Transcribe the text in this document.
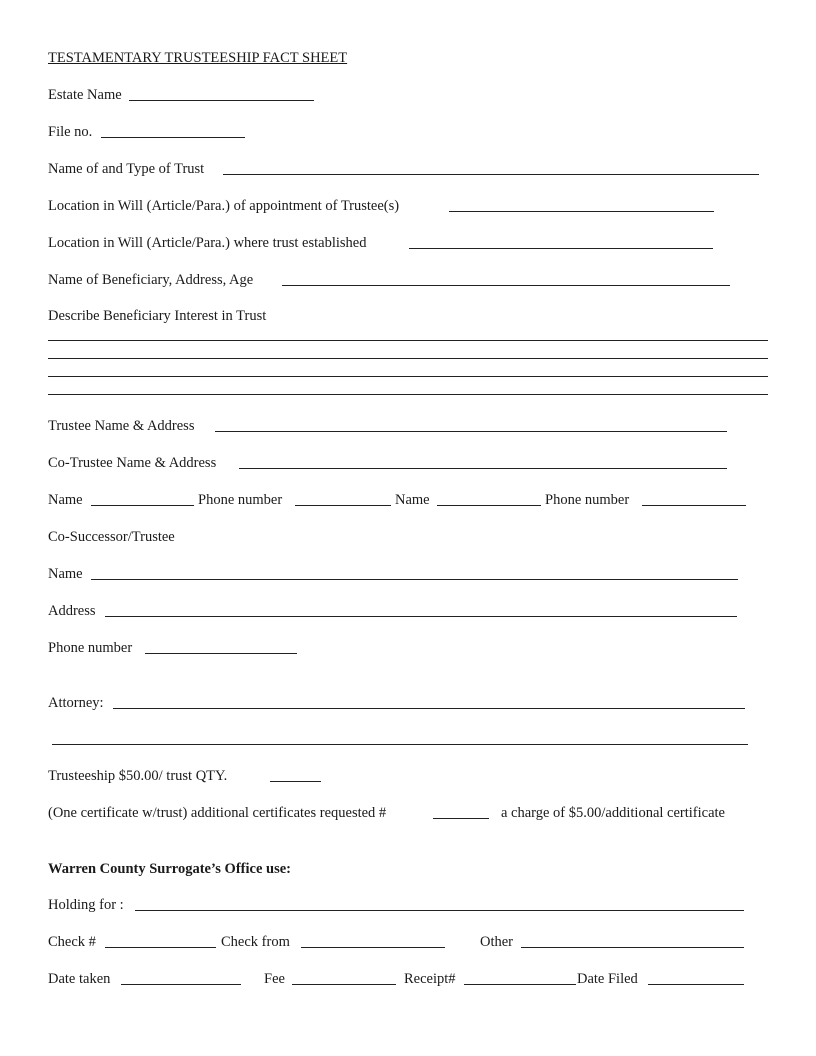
TESTAMENTARY TRUSTEESHIP FACT SHEET
Estate Name
File no.
Name of and Type of Trust
Location in Will (Article/Para.) of appointment of Trustee(s)
Location in Will (Article/Para.) where trust established
Name of Beneficiary, Address, Age
Describe Beneficiary Interest in Trust
Trustee Name & Address
Co-Trustee Name & Address
Name	Phone number	Name	Phone number
Co-Successor/Trustee
Name
Address
Phone number
Attorney:
Trusteeship $50.00/ trust QTY.
(One certificate w/trust) additional certificates requested #	a charge of $5.00/additional certificate
Warren County Surrogate’s Office use:
Holding for :
Check #	Check from	Other
Date taken	Fee	Receipt#	Date Filed
